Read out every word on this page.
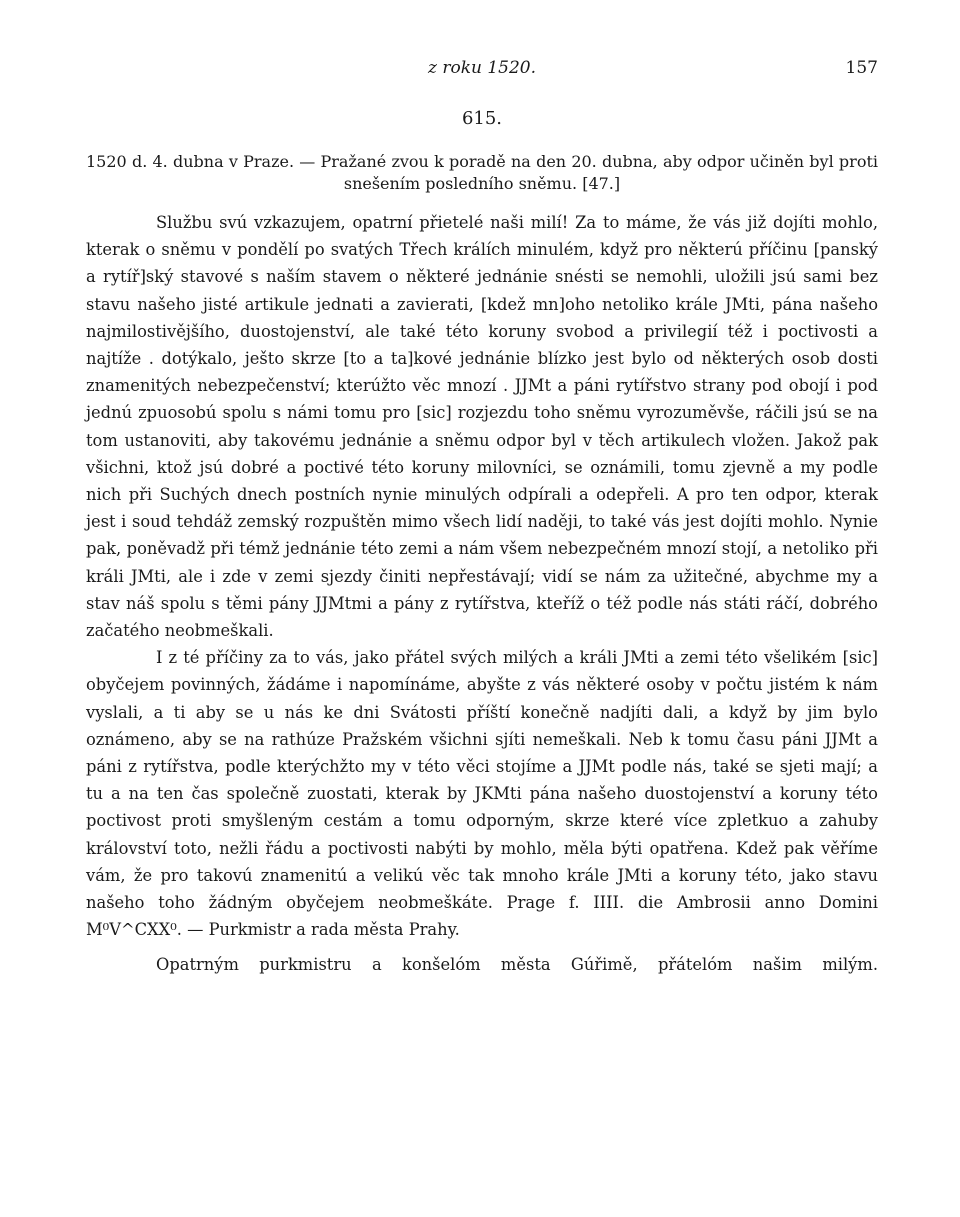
z roku 1520.	157
615.
1520 d. 4. dubna v Praze. — Pražané zvou k poradě na den 20. dubna, aby odpor učiněn byl proti snešením posledního sněmu. [47.]

Službu svú vzkazujem, opatrní přietelé naši milí! Za to máme, že vás již dojíti mohlo, kterak o sněmu v pondělí po svatých Třech králích minulém, když pro některú příčinu [panský a rytíř]ský stavové s naším stavem o některé jednánie snésti se nemohli, uložili jsú sami bez stavu našeho jisté artikule jednati a zavierati, [kdež mn]oho netoliko krále JMti, pána našeho najmilostivějšího, duostojenství, ale také této koruny svobod a privilegií též i poctivosti a najtíže . dotýkalo, ješto skrze [to a ta]kové jednánie blízko jest bylo od některých osob dosti znamenitých nebezpečenství; kterúžto věc mnozí . JJMt a páni rytířstvo strany pod obojí i pod jednú zpuosobú spolu s námi tomu pro [sic] rozjezdu toho sněmu vyrozuměvše, ráčili jsú se na tom ustanoviti, aby takovému jednánie a sněmu odpor byl v těch artikulech vložen. Jakož pak všichni, ktož jsú dobré a poctivé této koruny milovníci, se oznámili, tomu zjevně a my podle nich při Suchých dnech postních nynie minulých odpírali a odepřeli. A pro ten odpor, kterak jest i soud tehdáž zemský rozpuštěn mimo všech lidí naději, to také vás jest dojíti mohlo. Nynie pak, poněvadž při témž jednánie této zemi a nám všem nebezpečném mnozí stojí, a netoliko při králi JMti, ale i zde v zemi sjezdy činiti nepřestávají; vidí se nám za užitečné, abychme my a stav náš spolu s těmi pány JJMtmi a pány z rytířstva, kteříž o též podle nás státi ráčí, dobrého začatého neobmeškali.

I z té příčiny za to vás, jako přátel svých milých a králi JMti a zemi této všelikém [sic] obyčejem povinných, žádáme i napomínáme, abyšte z vás některé osoby v počtu jistém k nám vyslali, a ti aby se u nás ke dni Svátosti příští konečně nadjíti dali, a když by jim bylo oznámeno, aby se na rathúze Pražském všichni sjíti nemeškali. Neb k tomu času páni JJMt a páni z rytířstva, podle kterýchžto my v této věci stojíme a JJMt podle nás, také se sjeti mají; a tu a na ten čas společně zuostati, kterak by JKMti pána našeho duostojenství a koruny této poctivost proti smyšleným cestám a tomu odporným, skrze které více zpletkuo a zahuby království toto, nežli řádu a poctivosti nabýti by mohlo, měla býti opatřena. Kdež pak věříme vám, že pro takovú znamenitú a velikú věc tak mnoho krále JMti a koruny této, jako stavu našeho toho žádným obyčejem neobmeškáte. Prage f. IIII. die Ambrosii anno Domini M⁰V^CXX⁰. — Purkmistr a rada města Prahy.

Opatrným purkmistru a konšelóm města Gúřimě, přátelóm našim milým.
